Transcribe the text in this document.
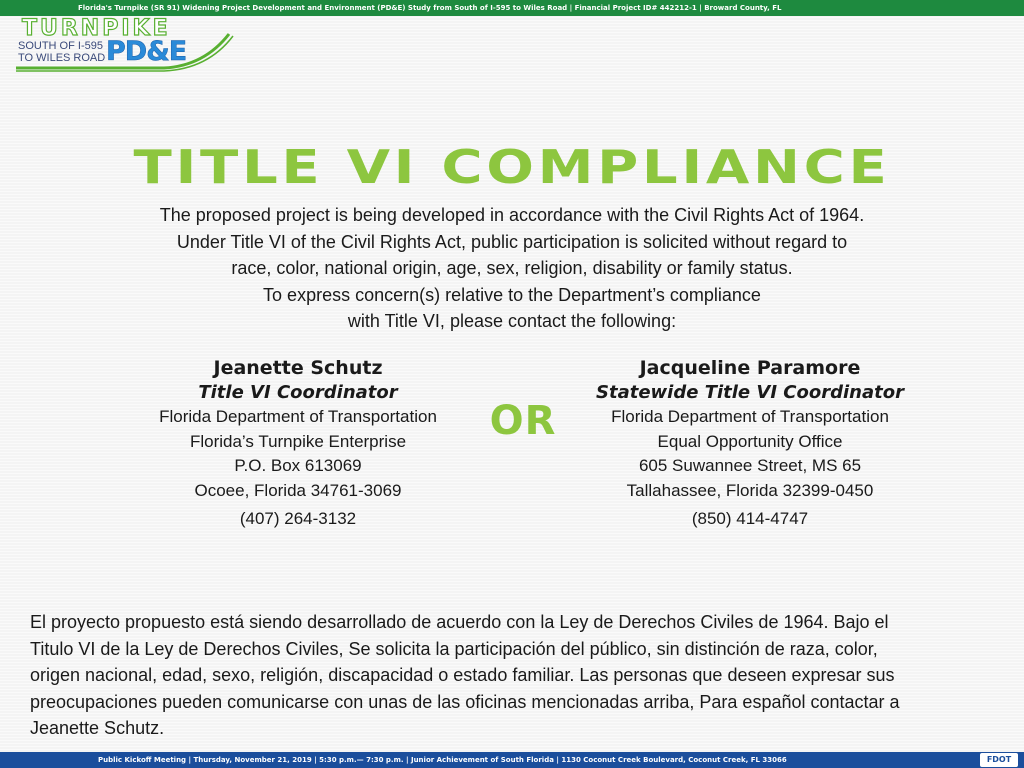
Florida's Turnpike (SR 91) Widening Project Development and Environment (PD&E) Study from South of I-595 to Wiles Road | Financial Project ID# 442212-1 | Broward County, FL
TURNPIKE
SOUTH OF I-595
TO WILES ROAD PD&E
TITLE VI COMPLIANCE
The proposed project is being developed in accordance with the Civil Rights Act of 1964.
Under Title VI of the Civil Rights Act, public participation is solicited without regard to
race, color, national origin, age, sex, religion, disability or family status.
To express concern(s) relative to the Department’s compliance
with Title VI, please contact the following:
Jeanette Schutz
Title VI Coordinator
Florida Department of Transportation
Florida’s Turnpike Enterprise
P.O. Box 613069
Ocoee, Florida 34761-3069
(407) 264-3132
OR
Jacqueline Paramore
Statewide Title VI Coordinator
Florida Department of Transportation
Equal Opportunity Office
605 Suwannee Street, MS 65
Tallahassee, Florida 32399-0450
(850) 414-4747
El proyecto propuesto está siendo desarrollado de acuerdo con la Ley de Derechos Civiles de 1964. Bajo el
Titulo VI de la Ley de Derechos Civiles, Se solicita la participación del público, sin distinción de raza, color,
origen nacional, edad, sexo, religión, discapacidad o estado familiar. Las personas que deseen expresar sus
preocupaciones pueden comunicarse con unas de las oficinas mencionadas arriba, Para español contactar a
Jeanette Schutz.
Public Kickoff Meeting | Thursday, November 21, 2019 | 5:30 p.m.— 7:30 p.m. | Junior Achievement of South Florida | 1130 Coconut Creek Boulevard, Coconut Creek, FL 33066	FDOT
